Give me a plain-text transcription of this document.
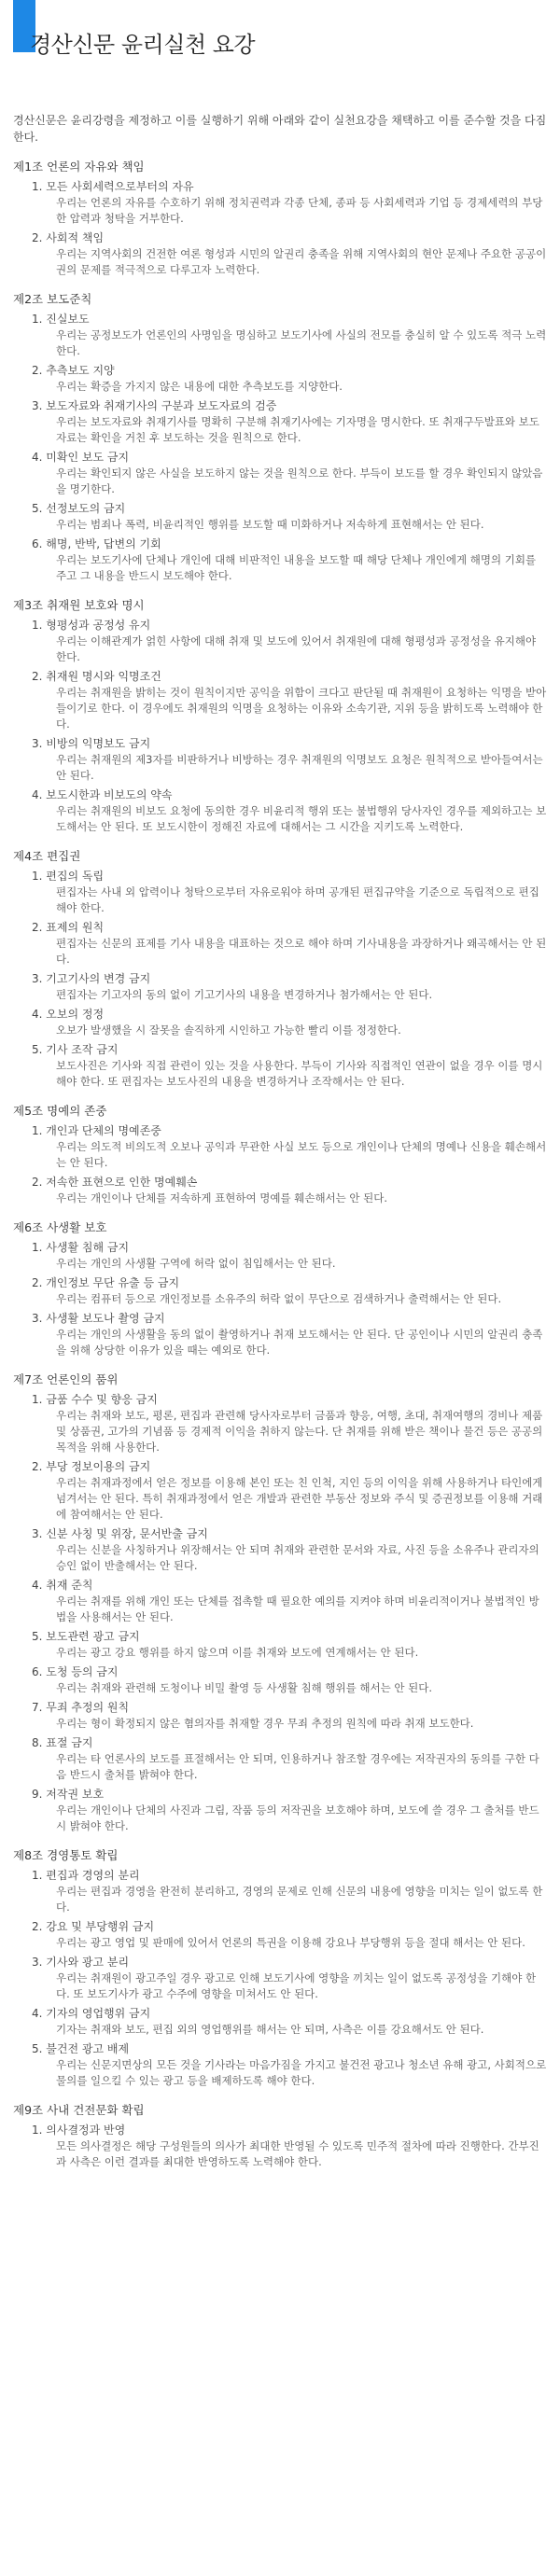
경산신문 윤리실천 요강

경산신문은 윤리강령을 제정하고 이를 실행하기 위해 아래와 같이 실천요강을 채택하고 이를 준수할 것을 다짐한다.

제1조 언론의 자유와 책임
1. 모든 사회세력으로부터의 자유
우리는 언론의 자유를 수호하기 위해 정치권력과 각종 단체, 종파 등 사회세력과 기업 등 경제세력의 부당한 압력과 청탁을 거부한다.
2. 사회적 책임
우리는 지역사회의 건전한 여론 형성과 시민의 알권리 충족을 위해 지역사회의 현안 문제나 주요한 공공이권의 문제를 적극적으로 다루고자 노력한다.
제2조 보도준칙
1. 진실보도
우리는 공정보도가 언론인의 사명임을 명심하고 보도기사에 사실의 전모를 충실히 알 수 있도록 적극 노력한다.
2. 추측보도 지양
우리는 확증을 가지지 않은 내용에 대한 추측보도를 지양한다.
3. 보도자료와 취재기사의 구분과 보도자료의 검증
우리는 보도자료와 취재기사를 명확히 구분해 취재기사에는 기자명을 명시한다. 또 취재구두발표와 보도자료는 확인을 거친 후 보도하는 것을 원칙으로 한다.
4. 미확인 보도 금지
우리는 확인되지 않은 사실을 보도하지 않는 것을 원칙으로 한다. 부득이 보도를 할 경우 확인되지 않았음을 명기한다.
5. 선정보도의 금지
우리는 범죄나 폭력, 비윤리적인 행위를 보도할 때 미화하거나 저속하게 표현해서는 안 된다.
6. 해명, 반박, 답변의 기회
우리는 보도기사에 단체나 개인에 대해 비판적인 내용을 보도할 때 해당 단체나 개인에게 해명의 기회를 주고 그 내용을 반드시 보도해야 한다.
제3조 취재원 보호와 명시
1. 형평성과 공정성 유지
우리는 이해관계가 얽힌 사항에 대해 취재 및 보도에 있어서 취재원에 대해 형평성과 공정성을 유지해야 한다.
2. 취재원 명시와 익명조건
우리는 취재원을 밝히는 것이 원칙이지만 공익을 위함이 크다고 판단될 때 취재원이 요청하는 익명을 받아들이기로 한다. 이 경우에도 취재원의 익명을 요청하는 이유와 소속기관, 지위 등을 밝히도록 노력해야 한다.
3. 비방의 익명보도 금지
우리는 취재원의 제3자를 비판하거나 비방하는 경우 취재원의 익명보도 요청은 원칙적으로 받아들여서는 안 된다.
4. 보도시한과 비보도의 약속
우리는 취재원의 비보도 요청에 동의한 경우 비윤리적 행위 또는 불법행위 당사자인 경우를 제외하고는 보도해서는 안 된다. 또 보도시한이 정해진 자료에 대해서는 그 시간을 지키도록 노력한다.
제4조 편집권
1. 편집의 독립
편집자는 사내 외 압력이나 청탁으로부터 자유로워야 하며 공개된 편집규약을 기준으로 독립적으로 편집해야 한다.
2. 표제의 원칙
편집자는 신문의 표제를 기사 내용을 대표하는 것으로 해야 하며 기사내용을 과장하거나 왜곡해서는 안 된다.
3. 기고기사의 변경 금지
편집자는 기고자의 동의 없이 기고기사의 내용을 변경하거나 첨가해서는 안 된다.
4. 오보의 정정
오보가 발생했을 시 잘못을 솔직하게 시인하고 가능한 빨리 이를 정정한다.
5. 기사 조작 금지
보도사진은 기사와 직접 관련이 있는 것을 사용한다. 부득이 기사와 직접적인 연관이 없을 경우 이를 명시해야 한다. 또 편집자는 보도사진의 내용을 변경하거나 조작해서는 안 된다.
제5조 명예의 존중
1. 개인과 단체의 명예존중
우리는 의도적 비의도적 오보나 공익과 무관한 사실 보도 등으로 개인이나 단체의 명예나 신용을 훼손해서는 안 된다.
2. 저속한 표현으로 인한 명예훼손
우리는 개인이나 단체를 저속하게 표현하여 명예를 훼손해서는 안 된다.
제6조 사생활 보호
1. 사생활 침해 금지
우리는 개인의 사생활 구역에 허락 없이 침입해서는 안 된다.
2. 개인정보 무단 유출 등 금지
우리는 컴퓨터 등으로 개인정보를 소유주의 허락 없이 무단으로 검색하거나 출력해서는 안 된다.
3. 사생활 보도나 촬영 금지
우리는 개인의 사생활을 동의 없이 촬영하거나 취재 보도해서는 안 된다. 단 공인이나 시민의 알권리 충족을 위해 상당한 이유가 있을 때는 예외로 한다.
제7조 언론인의 품위
1. 금품 수수 및 향응 금지
우리는 취재와 보도, 평론, 편집과 관련해 당사자로부터 금품과 향응, 여행, 초대, 취재여행의 경비나 제품 및 상품권, 고가의 기념품 등 경제적 이익을 취하지 않는다. 단 취재를 위해 받은 책이나 물건 등은 공공의 목적을 위해 사용한다.
2. 부당 정보이용의 금지
우리는 취재과정에서 얻은 정보를 이용해 본인 또는 친 인척, 지인 등의 이익을 위해 사용하거나 타인에게 넘겨서는 안 된다. 특히 취재과정에서 얻은 개발과 관련한 부동산 정보와 주식 및 증권정보를 이용해 거래에 참여해서는 안 된다.
3. 신분 사칭 및 위장, 문서반출 금지
우리는 신분을 사칭하거나 위장해서는 안 되며 취재와 관련한 문서와 자료, 사진 등을 소유주나 관리자의 승인 없이 반출해서는 안 된다.
4. 취재 준칙
우리는 취재를 위해 개인 또는 단체를 접촉할 때 필요한 예의를 지켜야 하며 비윤리적이거나 불법적인 방법을 사용해서는 안 된다.
5. 보도관련 광고 금지
우리는 광고 강요 행위를 하지 않으며 이를 취재와 보도에 연계해서는 안 된다.
6. 도청 등의 금지
우리는 취재와 관련해 도청이나 비밀 촬영 등 사생활 침해 행위를 해서는 안 된다.
7. 무죄 추정의 원칙
우리는 형이 확정되지 않은 혐의자를 취재할 경우 무죄 추정의 원칙에 따라 취재 보도한다.
8. 표절 금지
우리는 타 언론사의 보도를 표절해서는 안 되며, 인용하거나 참조할 경우에는 저작권자의 동의를 구한 다음 반드시 출처를 밝혀야 한다.
9. 저작권 보호
우리는 개인이나 단체의 사진과 그림, 작품 등의 저작권을 보호해야 하며, 보도에 쓸 경우 그 출처를 반드시 밝혀야 한다.
제8조 경영통토 확립
1. 편집과 경영의 분리
우리는 편집과 경영을 완전히 분리하고, 경영의 문제로 인해 신문의 내용에 영향을 미치는 일이 없도록 한다.
2. 강요 및 부당행위 금지
우리는 광고 영업 및 판매에 있어서 언론의 특권을 이용해 강요나 부당행위 등을 절대 해서는 안 된다.
3. 기사와 광고 분리
우리는 취재원이 광고주일 경우 광고로 인해 보도기사에 영향을 끼치는 일이 없도록 공정성을 기해야 한다. 또 보도기사가 광고 수주에 영향을 미쳐서도 안 된다.
4. 기자의 영업행위 금지
기자는 취재와 보도, 편집 외의 영업행위를 해서는 안 되며, 사측은 이를 강요해서도 안 된다.
5. 불건전 광고 배제
우리는 신문지면상의 모든 것을 기사라는 마음가짐을 가지고 불건전 광고나 청소년 유해 광고, 사회적으로 물의를 일으킬 수 있는 광고 등을 배제하도록 해야 한다.
제9조 사내 건전문화 확립
1. 의사결정과 반영
모든 의사결정은 해당 구성원들의 의사가 최대한 반영될 수 있도록 민주적 절차에 따라 진행한다. 간부진과 사측은 이런 결과를 최대한 반영하도록 노력해야 한다.
